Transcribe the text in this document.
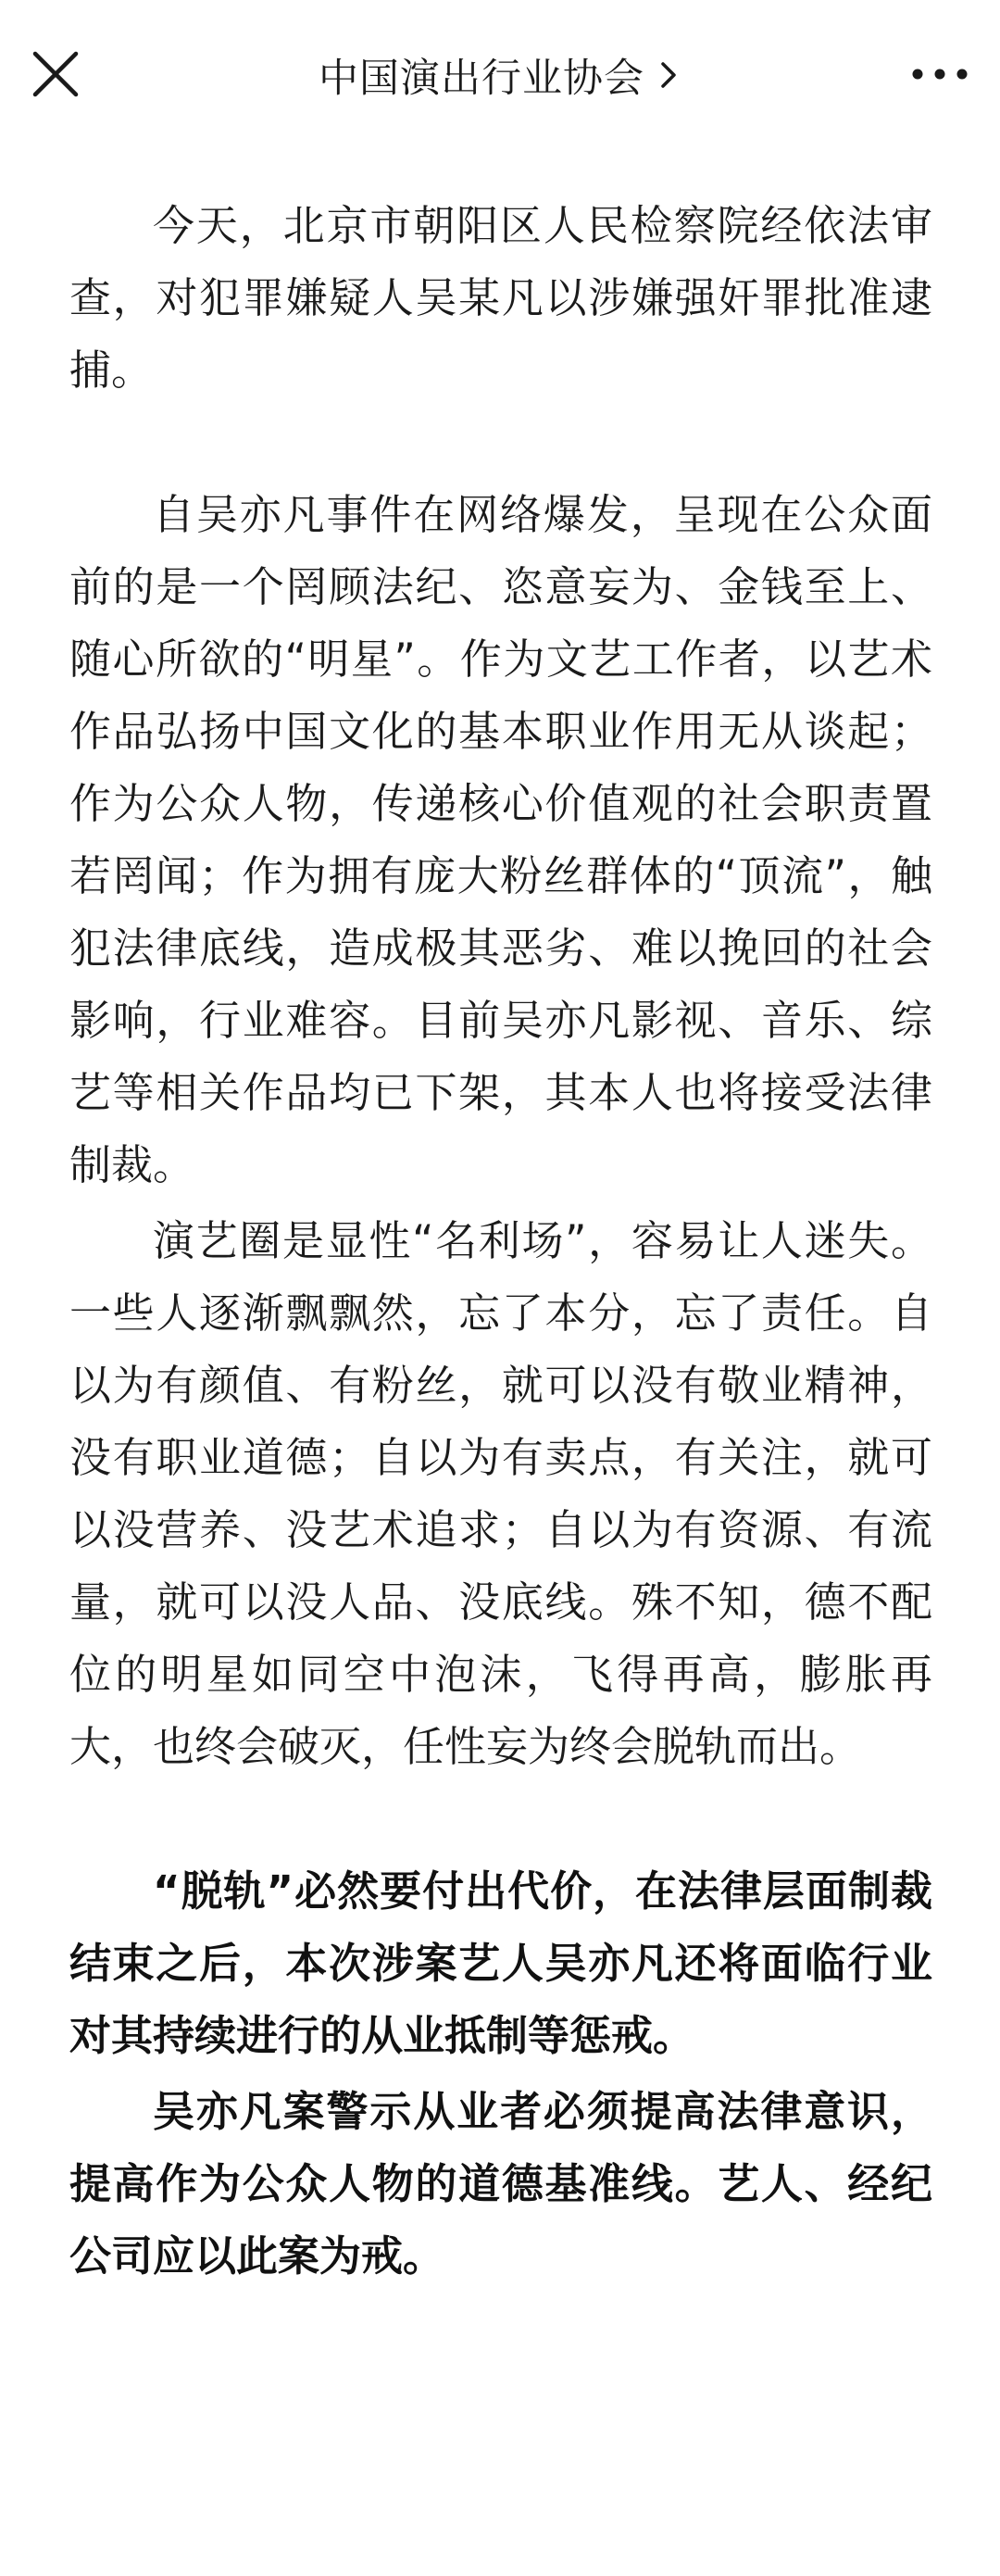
中国演出行业协会

今天，北京市朝阳区人民检察院经依法审查，对犯罪嫌疑人吴某凡以涉嫌强奸罪批准逮捕。

自吴亦凡事件在网络爆发，呈现在公众面前的是一个罔顾法纪、恣意妄为、金钱至上、随心所欲的“明星”。作为文艺工作者，以艺术作品弘扬中国文化的基本职业作用无从谈起；作为公众人物，传递核心价值观的社会职责置若罔闻；作为拥有庞大粉丝群体的“顶流”，触犯法律底线，造成极其恶劣、难以挽回的社会影响，行业难容。目前吴亦凡影视、音乐、综艺等相关作品均已下架，其本人也将接受法律制裁。

演艺圈是显性“名利场”，容易让人迷失。一些人逐渐飘飘然，忘了本分，忘了责任。自以为有颜值、有粉丝，就可以没有敬业精神，没有职业道德；自以为有卖点，有关注，就可以没营养、没艺术追求；自以为有资源、有流量，就可以没人品、没底线。殊不知，德不配位的明星如同空中泡沫，飞得再高，膨胀再大，也终会破灭，任性妄为终会脱轨而出。

“脱轨”必然要付出代价，在法律层面制裁结束之后，本次涉案艺人吴亦凡还将面临行业对其持续进行的从业抵制等惩戒。

吴亦凡案警示从业者必须提高法律意识，提高作为公众人物的道德基准线。艺人、经纪公司应以此案为戒。
